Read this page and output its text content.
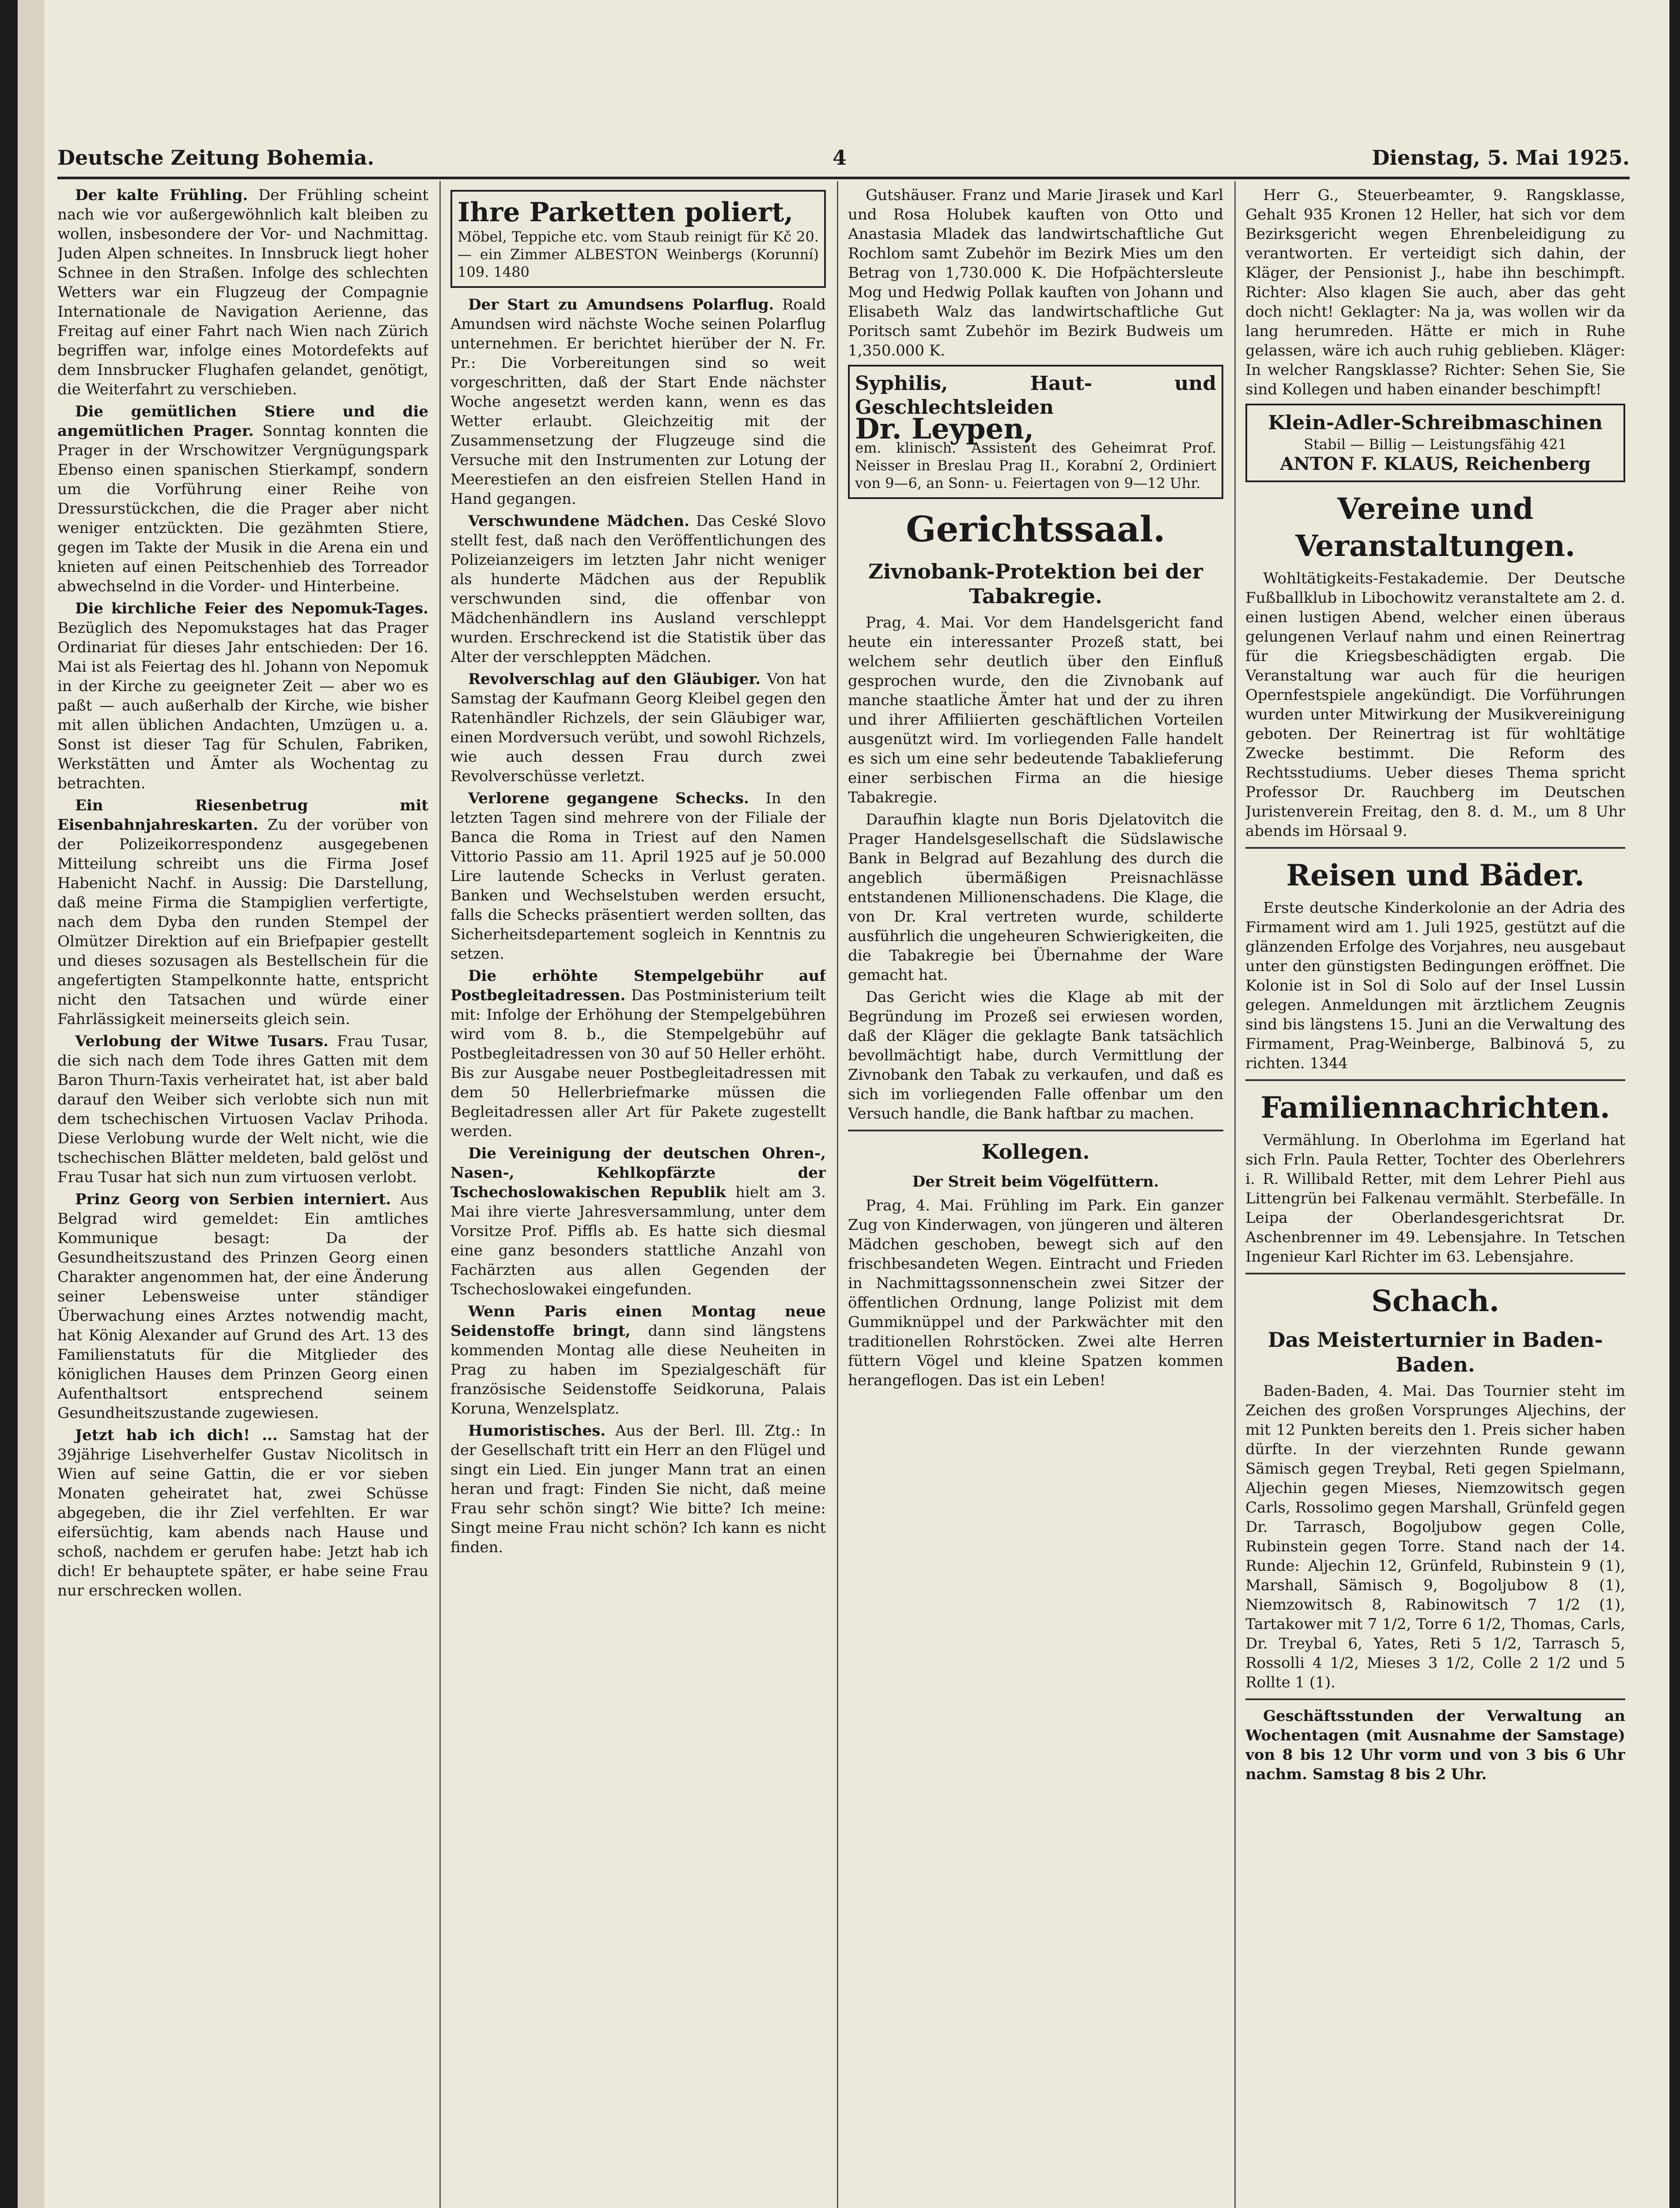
Deutsche Zeitung Bohemia.	4	Dienstag, 5. Mai 1925.

Der kalte Frühling. Der Frühling scheint nach wie vor außergewöhnlich kalt bleiben zu wollen, insbesondere der Vor- und Nachmittag. Juden Alpen schneites. In Innsbruck liegt hoher Schnee in den Straßen. Infolge des schlechten Wetters war ein Flugzeug der Compagnie Internationale de Navigation Aerienne, das Freitag auf einer Fahrt nach Wien nach Zürich begriffen war, infolge eines Motordefekts auf dem Innsbrucker Flughafen gelandet, genötigt, die Weiterfahrt zu verschieben.

Die gemütlichen Stiere und die angemütlichen Prager. Sonntag konnten die Prager in der Wrschowitzer Vergnügungspark Ebenso einen spanischen Stierkampf, sondern um die Vorführung einer Reihe von Dressurstückchen, die die Prager aber nicht weniger entzückten. Die gezähmten Stiere, gegen im Takte der Musik in die Arena ein und knieten auf einen Peitschenhieb des Torreador abwechselnd in die Vorder- und Hinterbeine.

Die kirchliche Feier des Nepomuk-Tages. Bezüglich des Nepomukstages hat das Prager Ordinariat für dieses Jahr entschieden: Der 16. Mai ist als Feiertag des hl. Johann von Nepomuk in der Kirche zu geeigneter Zeit — aber wo es paßt — auch außerhalb der Kirche, wie bisher mit allen üblichen Andachten, Umzügen u. a. Sonst ist dieser Tag für Schulen, Fabriken, Werkstätten und Ämter als Wochentag zu betrachten.

Ein Riesenbetrug mit Eisenbahnjahreskarten. Zu der vorüber von der Polizeikorrespondenz ausgegebenen Mitteilung schreibt uns die Firma Josef Habenicht Nachf. in Aussig: Die Darstellung, daß meine Firma die Stampiglien verfertigte, nach dem Dyba den runden Stempel der Olmützer Direktion auf ein Briefpapier gestellt und dieses sozusagen als Bestellschein für die angefertigten Stampelkonnte hatte, entspricht nicht den Tatsachen und würde einer Fahrlässigkeit meinerseits gleich sein.

Verlobung der Witwe Tusars. Frau Tusar, die sich nach dem Tode ihres Gatten mit dem Baron Thurn-Taxis verheiratet hat, ist aber bald darauf den Weiber sich verlobte sich nun mit dem tschechischen Virtuosen Vaclav Prihoda. Diese Verlobung wurde der Welt nicht, wie die tschechischen Blätter meldeten, bald gelöst und Frau Tusar hat sich nun zum virtuosen verlobt.

Prinz Georg von Serbien interniert. Aus Belgrad wird gemeldet: Ein amtliches Kommunique besagt: Da der Gesundheitszustand des Prinzen Georg einen Charakter angenommen hat, der eine Änderung seiner Lebensweise unter ständiger Überwachung eines Arztes notwendig macht, hat König Alexander auf Grund des Art. 13 des Familienstatuts für die Mitglieder des königlichen Hauses dem Prinzen Georg einen Aufenthaltsort entsprechend seinem Gesundheitszustande zugewiesen.

Jetzt hab ich dich! ... Samstag hat der 39jährige Lisehverhelfer Gustav Nicolitsch in Wien auf seine Gattin, die er vor sieben Monaten geheiratet hat, zwei Schüsse abgegeben, die ihr Ziel verfehlten. Er war eifersüchtig, kam abends nach Hause und schoß, nachdem er gerufen habe: Jetzt hab ich dich! Er behauptete später, er habe seine Frau nur erschrecken wollen.

Ihre Parketten poliert,
Möbel, Teppiche etc. vom Staub reinigt für Kč 20.— ein Zimmer ALBESTON Weinbergs (Korunní) 109. 1480

Der Start zu Amundsens Polarflug. Roald Amundsen wird nächste Woche seinen Polarflug unternehmen. Er berichtet hierüber der N. Fr. Pr.: Die Vorbereitungen sind so weit vorgeschritten, daß der Start Ende nächster Woche angesetzt werden kann, wenn es das Wetter erlaubt. Gleichzeitig mit der Zusammensetzung der Flugzeuge sind die Versuche mit den Instrumenten zur Lotung der Meerestiefen an den eisfreien Stellen Hand in Hand gegangen.

Verschwundene Mädchen. Das Ceské Slovo stellt fest, daß nach den Veröffentlichungen des Polizeianzeigers im letzten Jahr nicht weniger als hunderte Mädchen aus der Republik verschwunden sind, die offenbar von Mädchenhändlern ins Ausland verschleppt wurden. Erschreckend ist die Statistik über das Alter der verschleppten Mädchen.

Revolverschlag auf den Gläubiger. Von hat Samstag der Kaufmann Georg Kleibel gegen den Ratenhändler Richzels, der sein Gläubiger war, einen Mordversuch verübt, und sowohl Richzels, wie auch dessen Frau durch zwei Revolverschüsse verletzt.

Verlorene gegangene Schecks. In den letzten Tagen sind mehrere von der Filiale der Banca die Roma in Triest auf den Namen Vittorio Passio am 11. April 1925 auf je 50.000 Lire lautende Schecks in Verlust geraten. Banken und Wechselstuben werden ersucht, falls die Schecks präsentiert werden sollten, das Sicherheitsdepartement sogleich in Kenntnis zu setzen.

Die erhöhte Stempelgebühr auf Postbegleitadressen. Das Postministerium teilt mit: Infolge der Erhöhung der Stempelgebühren wird vom 8. b., die Stempelgebühr auf Postbegleitadressen von 30 auf 50 Heller erhöht. Bis zur Ausgabe neuer Postbegleitadressen mit dem 50 Hellerbriefmarke müssen die Begleitadressen aller Art für Pakete zugestellt werden.

Die Vereinigung der deutschen Ohren-, Nasen-, Kehlkopfärzte der Tschechoslowakischen Republik hielt am 3. Mai ihre vierte Jahresversammlung, unter dem Vorsitze Prof. Piffls ab. Es hatte sich diesmal eine ganz besonders stattliche Anzahl von Fachärzten aus allen Gegenden der Tschechoslowakei eingefunden.

Wenn Paris einen Montag neue Seidenstoffe bringt, dann sind längstens kommenden Montag alle diese Neuheiten in Prag zu haben im Spezialgeschäft für französische Seidenstoffe Seidkoruna, Palais Koruna, Wenzelsplatz.

Humoristisches. Aus der Berl. Ill. Ztg.: In der Gesellschaft tritt ein Herr an den Flügel und singt ein Lied. Ein junger Mann trat an einen heran und fragt: Finden Sie nicht, daß meine Frau sehr schön singt? Wie bitte? Ich meine: Singt meine Frau nicht schön? Ich kann es nicht finden.

Gutshäuser. Franz und Marie Jirasek und Karl und Rosa Holubek kauften von Otto und Anastasia Mladek das landwirtschaftliche Gut Rochlom samt Zubehör im Bezirk Mies um den Betrag von 1,730.000 K. Die Hofpächtersleute Mog und Hedwig Pollak kauften von Johann und Elisabeth Walz das landwirtschaftliche Gut Poritsch samt Zubehör im Bezirk Budweis um 1,350.000 K.

Syphilis, Haut- und Geschlechtsleiden
Dr. Leypen,
em. klinisch. Assistent des Geheimrat Prof. Neisser in Breslau Prag II., Korabní 2, Ordiniert von 9—6, an Sonn- u. Feiertagen von 9—12 Uhr.
Gerichtssaal.
Zivnobank-Protektion bei der Tabakregie.

Prag, 4. Mai. Vor dem Handelsgericht fand heute ein interessanter Prozeß statt, bei welchem sehr deutlich über den Einfluß gesprochen wurde, den die Zivnobank auf manche staatliche Ämter hat und der zu ihren und ihrer Affiliierten geschäftlichen Vorteilen ausgenützt wird. Im vorliegenden Falle handelt es sich um eine sehr bedeutende Tabaklieferung einer serbischen Firma an die hiesige Tabakregie.

Daraufhin klagte nun Boris Djelatovitch die Prager Handelsgesellschaft die Südslawische Bank in Belgrad auf Bezahlung des durch die angeblich übermäßigen Preisnachlässe entstandenen Millionenschadens. Die Klage, die von Dr. Kral vertreten wurde, schilderte ausführlich die ungeheuren Schwierigkeiten, die die Tabakregie bei Übernahme der Ware gemacht hat.

Das Gericht wies die Klage ab mit der Begründung im Prozeß sei erwiesen worden, daß der Kläger die geklagte Bank tatsächlich bevollmächtigt habe, durch Vermittlung der Zivnobank den Tabak zu verkaufen, und daß es sich im vorliegenden Falle offenbar um den Versuch handle, die Bank haftbar zu machen.

Kollegen.
Der Streit beim Vögelfüttern.

Prag, 4. Mai. Frühling im Park. Ein ganzer Zug von Kinderwagen, von jüngeren und älteren Mädchen geschoben, bewegt sich auf den frischbesandeten Wegen. Eintracht und Frieden in Nachmittagssonnenschein zwei Sitzer der öffentlichen Ordnung, lange Polizist mit dem Gummiknüppel und der Parkwächter mit den traditionellen Rohrstöcken. Zwei alte Herren füttern Vögel und kleine Spatzen kommen herangeflogen. Das ist ein Leben!

Herr G., Steuerbeamter, 9. Rangsklasse, Gehalt 935 Kronen 12 Heller, hat sich vor dem Bezirksgericht wegen Ehrenbeleidigung zu verantworten. Er verteidigt sich dahin, der Kläger, der Pensionist J., habe ihn beschimpft. Richter: Also klagen Sie auch, aber das geht doch nicht! Geklagter: Na ja, was wollen wir da lang herumreden. Hätte er mich in Ruhe gelassen, wäre ich auch ruhig geblieben. Kläger: In welcher Rangsklasse? Richter: Sehen Sie, Sie sind Kollegen und haben einander beschimpft!

Klein-Adler-Schreibmaschinen
Stabil — Billig — Leistungsfähig 421
ANTON F. KLAUS, Reichenberg
Vereine und Veranstaltungen.

Wohltätigkeits-Festakademie. Der Deutsche Fußballklub in Libochowitz veranstaltete am 2. d. einen lustigen Abend, welcher einen überaus gelungenen Verlauf nahm und einen Reinertrag für die Kriegsbeschädigten ergab. Die Veranstaltung war auch für die heurigen Opernfestspiele angekündigt. Die Vorführungen wurden unter Mitwirkung der Musikvereinigung geboten. Der Reinertrag ist für wohltätige Zwecke bestimmt. Die Reform des Rechtsstudiums. Ueber dieses Thema spricht Professor Dr. Rauchberg im Deutschen Juristenverein Freitag, den 8. d. M., um 8 Uhr abends im Hörsaal 9.

Reisen und Bäder.

Erste deutsche Kinderkolonie an der Adria des Firmament wird am 1. Juli 1925, gestützt auf die glänzenden Erfolge des Vorjahres, neu ausgebaut unter den günstigsten Bedingungen eröffnet. Die Kolonie ist in Sol di Solo auf der Insel Lussin gelegen. Anmeldungen mit ärztlichem Zeugnis sind bis längstens 15. Juni an die Verwaltung des Firmament, Prag-Weinberge, Balbinová 5, zu richten. 1344

Familiennachrichten.

Vermählung. In Oberlohma im Egerland hat sich Frln. Paula Retter, Tochter des Oberlehrers i. R. Willibald Retter, mit dem Lehrer Piehl aus Littengrün bei Falkenau vermählt. Sterbefälle. In Leipa der Oberlandesgerichtsrat Dr. Aschenbrenner im 49. Lebensjahre. In Tetschen Ingenieur Karl Richter im 63. Lebensjahre.

Schach.
Das Meisterturnier in Baden-Baden.

Baden-Baden, 4. Mai. Das Tournier steht im Zeichen des großen Vorsprunges Aljechins, der mit 12 Punkten bereits den 1. Preis sicher haben dürfte. In der vierzehnten Runde gewann Sämisch gegen Treybal, Reti gegen Spielmann, Aljechin gegen Mieses, Niemzowitsch gegen Carls, Rossolimo gegen Marshall, Grünfeld gegen Dr. Tarrasch, Bogoljubow gegen Colle, Rubinstein gegen Torre. Stand nach der 14. Runde: Aljechin 12, Grünfeld, Rubinstein 9 (1), Marshall, Sämisch 9, Bogoljubow 8 (1), Niemzowitsch 8, Rabinowitsch 7 1/2 (1), Tartakower mit 7 1/2, Torre 6 1/2, Thomas, Carls, Dr. Treybal 6, Yates, Reti 5 1/2, Tarrasch 5, Rossolli 4 1/2, Mieses 3 1/2, Colle 2 1/2 und 5 Rollte 1 (1).

Geschäftsstunden der Verwaltung an Wochentagen (mit Ausnahme der Samstage) von 8 bis 12 Uhr vorm und von 3 bis 6 Uhr nachm. Samstag 8 bis 2 Uhr.
